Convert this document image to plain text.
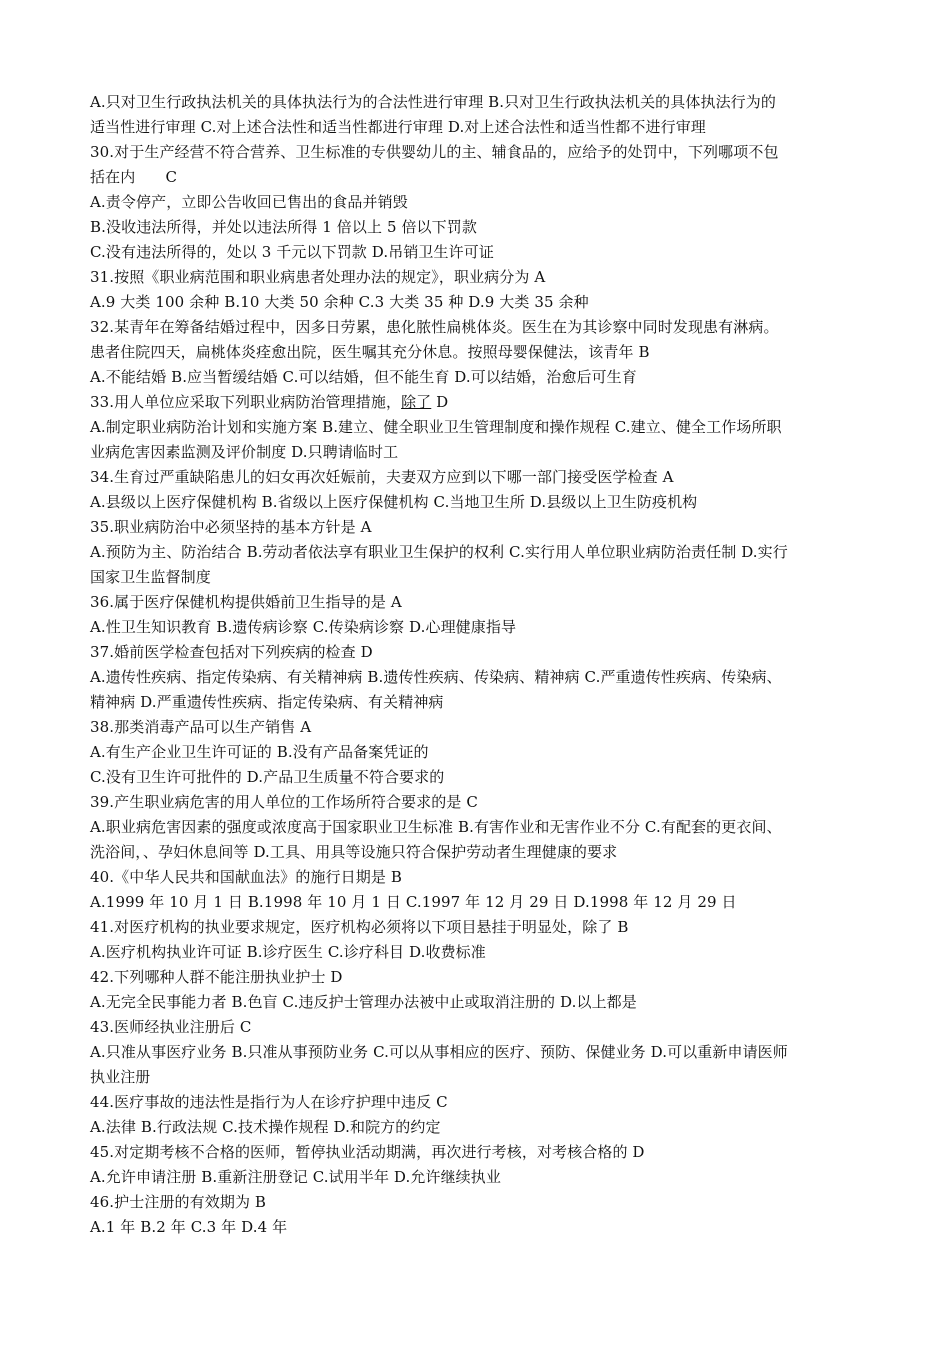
A.只对卫生行政执法机关的具体执法行为的合法性进行审理 B.只对卫生行政执法机关的具体执法行为的
适当性进行审理 C.对上述合法性和适当性都进行审理 D.对上述合法性和适当性都不进行审理
30.对于生产经营不符合营养、卫生标准的专供婴幼儿的主、辅食品的，应给予的处罚中，下列哪项不包
括在内　　C
A.责令停产，立即公告收回已售出的食品并销毁
B.没收违法所得，并处以违法所得 1 倍以上 5 倍以下罚款
C.没有违法所得的，处以 3 千元以下罚款 D.吊销卫生许可证
31.按照《职业病范围和职业病患者处理办法的规定》，职业病分为 A
A.9 大类 100 余种 B.10 大类 50 余种 C.3 大类 35 种 D.9 大类 35 余种
32.某青年在筹备结婚过程中，因多日劳累，患化脓性扁桃体炎。医生在为其诊察中同时发现患有淋病。
患者住院四天，扁桃体炎痊愈出院，医生嘱其充分休息。按照母婴保健法，该青年 B
A.不能结婚 B.应当暂缓结婚 C.可以结婚，但不能生育 D.可以结婚，治愈后可生育
33.用人单位应采取下列职业病防治管理措施，除了 D
A.制定职业病防治计划和实施方案 B.建立、健全职业卫生管理制度和操作规程 C.建立、健全工作场所职
业病危害因素监测及评价制度 D.只聘请临时工
34.生育过严重缺陷患儿的妇女再次妊娠前，夫妻双方应到以下哪一部门接受医学检查 A
A.县级以上医疗保健机构 B.省级以上医疗保健机构 C.当地卫生所 D.县级以上卫生防疫机构
35.职业病防治中必须坚持的基本方针是 A
A.预防为主、防治结合 B.劳动者依法享有职业卫生保护的权利 C.实行用人单位职业病防治责任制 D.实行
国家卫生监督制度
36.属于医疗保健机构提供婚前卫生指导的是 A
A.性卫生知识教育 B.遗传病诊察 C.传染病诊察 D.心理健康指导
37.婚前医学检查包括对下列疾病的检查 D
A.遗传性疾病、指定传染病、有关精神病 B.遗传性疾病、传染病、精神病 C.严重遗传性疾病、传染病、
精神病 D.严重遗传性疾病、指定传染病、有关精神病
38.那类消毒产品可以生产销售 A
A.有生产企业卫生许可证的 B.没有产品备案凭证的
C.没有卫生许可批件的 D.产品卫生质量不符合要求的
39.产生职业病危害的用人单位的工作场所符合要求的是 C
A.职业病危害因素的强度或浓度高于国家职业卫生标准 B.有害作业和无害作业不分 C.有配套的更衣间、
洗浴间，、孕妇休息间等 D.工具、用具等设施只符合保护劳动者生理健康的要求
40.《中华人民共和国献血法》的施行日期是 B
A.1999 年 10 月 1 日 B.1998 年 10 月 1 日 C.1997 年 12 月 29 日 D.1998 年 12 月 29 日
41.对医疗机构的执业要求规定，医疗机构必须将以下项目悬挂于明显处，除了 B
A.医疗机构执业许可证 B.诊疗医生 C.诊疗科目 D.收费标准
42.下列哪种人群不能注册执业护士 D
A.无完全民事能力者 B.色盲 C.违反护士管理办法被中止或取消注册的 D.以上都是
43.医师经执业注册后 C
A.只准从事医疗业务 B.只准从事预防业务 C.可以从事相应的医疗、预防、保健业务 D.可以重新申请医师
执业注册
44.医疗事故的违法性是指行为人在诊疗护理中违反 C
A.法律 B.行政法规 C.技术操作规程 D.和院方的约定
45.对定期考核不合格的医师，暂停执业活动期满，再次进行考核，对考核合格的 D
A.允许申请注册 B.重新注册登记 C.试用半年 D.允许继续执业
46.护士注册的有效期为 B
A.1 年 B.2 年 C.3 年 D.4 年
